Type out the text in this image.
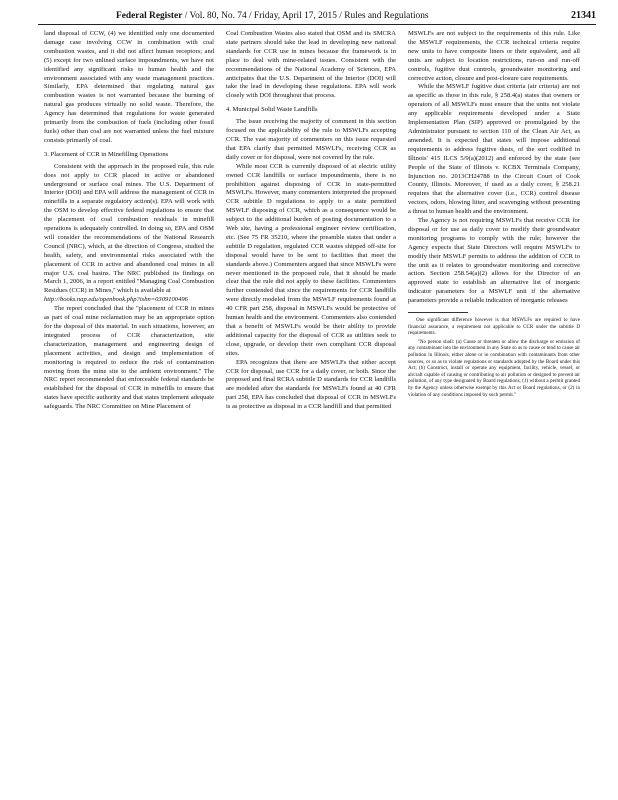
Federal Register / Vol. 80, No. 74 / Friday, April 17, 2015 / Rules and Regulations	21341

land disposal of CCW, (4) we identified only one documented damage case involving CCW in combination with coal combustion wastes, and it did not affect human receptors; and (5) except for two unlined surface impoundments, we have not identified any significant risks to human health and the environment associated with any waste management practices. Similarly, EPA determined that regulating natural gas combustion wastes is not warranted because the burning of natural gas produces virtually no solid waste. Therefore, the Agency has determined that regulations for waste generated primarily from the combustion of fuels (including other fossil fuels) other than coal are not warranted unless the fuel mixture consists primarily of coal.

3. Placement of CCR in Minefilling Operations

Consistent with the approach in the proposed rule, this rule does not apply to CCR placed in active or abandoned underground or surface coal mines. The U.S. Department of Interior (DOI) and EPA will address the management of CCR in minefills in a separate regulatory action(s). EPA will work with the OSM to develop effective federal regulations to ensure that the placement of coal combustion residuals in minefill operations is adequately controlled. In doing so, EPA and OSM will consider the recommendations of the National Research Council (NRC), which, at the direction of Congress, studied the health, safety, and environmental risks associated with the placement of CCR in active and abandoned coal mines in all major U.S. coal basins. The NRC published its findings on March 1, 2006, in a report entitled ''Managing Coal Combustion Residues (CCR) in Mines,'' which is available at

http://books.nap.edu/openbook.php?isbn=0309100496

The report concluded that the ''placement of CCR in mines as part of coal mine reclamation may be an appropriate option for the disposal of this material. In such situations, however, an integrated process of CCR characterization, site characterization, management and engineering design of placement activities, and design and implementation of monitoring is required to reduce the risk of contamination moving from the mine site to the ambient environment.'' The NRC report recommended that enforceable federal standards be established for the disposal of CCR in minefills to ensure that states have specific authority and that states implement adequate safeguards. The NRC Committee on Mine Placement of

Coal Combustion Wastes also stated that OSM and its SMCRA state partners should take the lead in developing new national standards for CCR use in mines because the framework is in place to deal with mine-related issues. Consistent with the recommendations of the National Academy of Sciences, EPA anticipates that the U.S. Department of the Interior (DOI) will take the lead in developing these regulations. EPA will work closely with DOI throughout that process.

4. Municipal Solid Waste Landfills

The issue receiving the majority of comment in this section focused on the applicability of the rule to MSWLFs accepting CCR. The vast majority of commenters on this issue requested that EPA clarify that permitted MSWLFs, receiving CCR as daily cover or for disposal, were not covered by the rule.

While most CCR is currently disposed of at electric utility owned CCR landfills or surface impoundments, there is no prohibition against disposing of CCR in state-permitted MSWLFs. However, many commenters interpreted the proposed CCR subtitle D regulations to apply to a state permitted MSWLF disposing of CCR, which as a consequence would be subject to the additional burden of posting documentation to a Web site, having a professional engineer review certification, etc. (See 75 FR 35210, where the preamble states that under a subtitle D regulation, regulated CCR wastes shipped off-site for disposal would have to be sent to facilities that meet the standards above.) Commenters argued that since MSWLFs were never mentioned in the proposed rule, that it should be made clear that the rule did not apply to these facilities. Commenters further contended that since the requirements for CCR landfills were directly modeled from the MSWLF requirements found at 40 CFR part 258, disposal in MSWLFs would be protective of human health and the environment. Commenters also contended that a benefit of MSWLFs would be their ability to provide additional capacity for the disposal of CCR as utilities seek to close, upgrade, or develop their own compliant CCR disposal sites.

EPA recognizes that there are MSWLFs that either accept CCR for disposal, use CCR for a daily cover, or both. Since the proposed and final RCRA subtitle D standards for CCR landfills are modeled after the standards for MSWLFs found at 40 CFR part 258, EPA has concluded that disposal of CCR in MSWLFs is as protective as disposal in a CCR landfill and that permitted

MSWLFs are not subject to the requirements of this rule. Like the MSWLF requirements, the CCR technical criteria require new units to have composite liners or their equivalent, and all units are subject to location restrictions, run-on and run-off controls, fugitive dust controls, groundwater monitoring and corrective action, closure and post-closure care requirements.

While the MSWLF fugitive dust criteria (air criteria) are not as specific as those in this rule, § 258.4(a) states that owners or operators of all MSWLFs must ensure that the units not violate any applicable requirements developed under a State Implementation Plan (SIP) approved or promulgated by the Administrator pursuant to section 110 of the Clean Air Act, as amended. It is expected that states will impose additional requirements to address fugitive dusts, of the sort codified in Illinois' 415 ILCS 5/9(a)(2012) and enforced by the state (see People of the State of Illinois v. KCBX Terminals Company, Injunction no. 2013CH24788 in the Circuit Court of Cook County, Illinois. Moreover, if used as a daily cover, § 258.21 requires that the alternative cover (i.e., CCR) control disease vectors, odors, blowing litter, and scavenging without presenting a threat to human health and the environment.

The Agency is not requiring MSWLFs that receive CCR for disposal or for use as daily cover to modify their groundwater monitoring programs to comply with the rule; however the Agency expects that State Directors will require MSWLFs to modify their MSWLF permits to address the addition of CCR to the unit as it relates to groundwater monitoring and corrective action. Section 258.54(a)(2) allows for the Director of an approved state to establish an alternative list of inorganic indicator parameters for a MSWLF unit if the alternative parameters provide a reliable indication of inorganic releases

One significant difference however is that MSWLFs are required to have financial assurance, a requirement not applicable to CCR under the subtitle D requirements.

''No person shall: (a) Cause or threaten or allow the discharge or emission of any contaminant into the environment in any State so as to cause or tend to cause air pollution in Illinois, either alone or in combination with contaminants from other sources, or so as to violate regulations or standards adopted by the Board under this Act; (b) Construct, install or operate any equipment, facility, vehicle, vessel, or aircraft capable of causing or contributing to air pollution or designed to prevent air pollution, of any type designated by Board regulations, (1) without a permit granted by the Agency unless otherwise exempt by this Act or Board regulations, or (2) in violation of any conditions imposed by such permit.''
